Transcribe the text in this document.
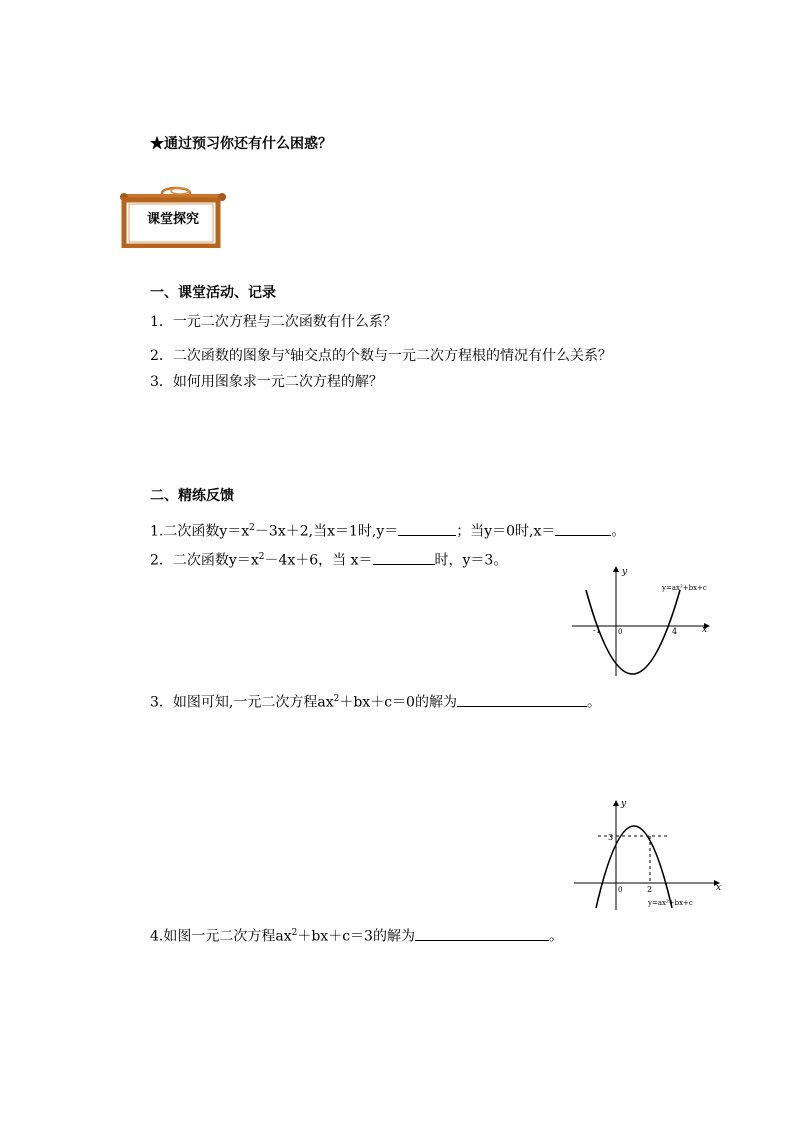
★通过预习你还有什么困惑？
课堂探究
一、课堂活动、记录
1．一元二次方程与二次函数有什么系？
2．二次函数的图象与$^x$轴交点的个数与一元二次方程根的情况有什么关系？
3．如何用图象求一元二次方程的解？
二、精练反馈
1.二次函数$y=x^2-3x+2$,当x＝1时,y＝	；当y＝0时,x＝	。
2．二次函数$y=x^2-4x+6$，当 x＝	时，y＝3。
y
x
0
-1	4
y=ax²+bx+c
3．如图可知,一元二次方程$ax^2+bx+c=0$的解为	。
y
x
0
3
2
y=ax²+bx+c
4.如图一元二次方程$ax^2+bx+c=3$的解为	。
